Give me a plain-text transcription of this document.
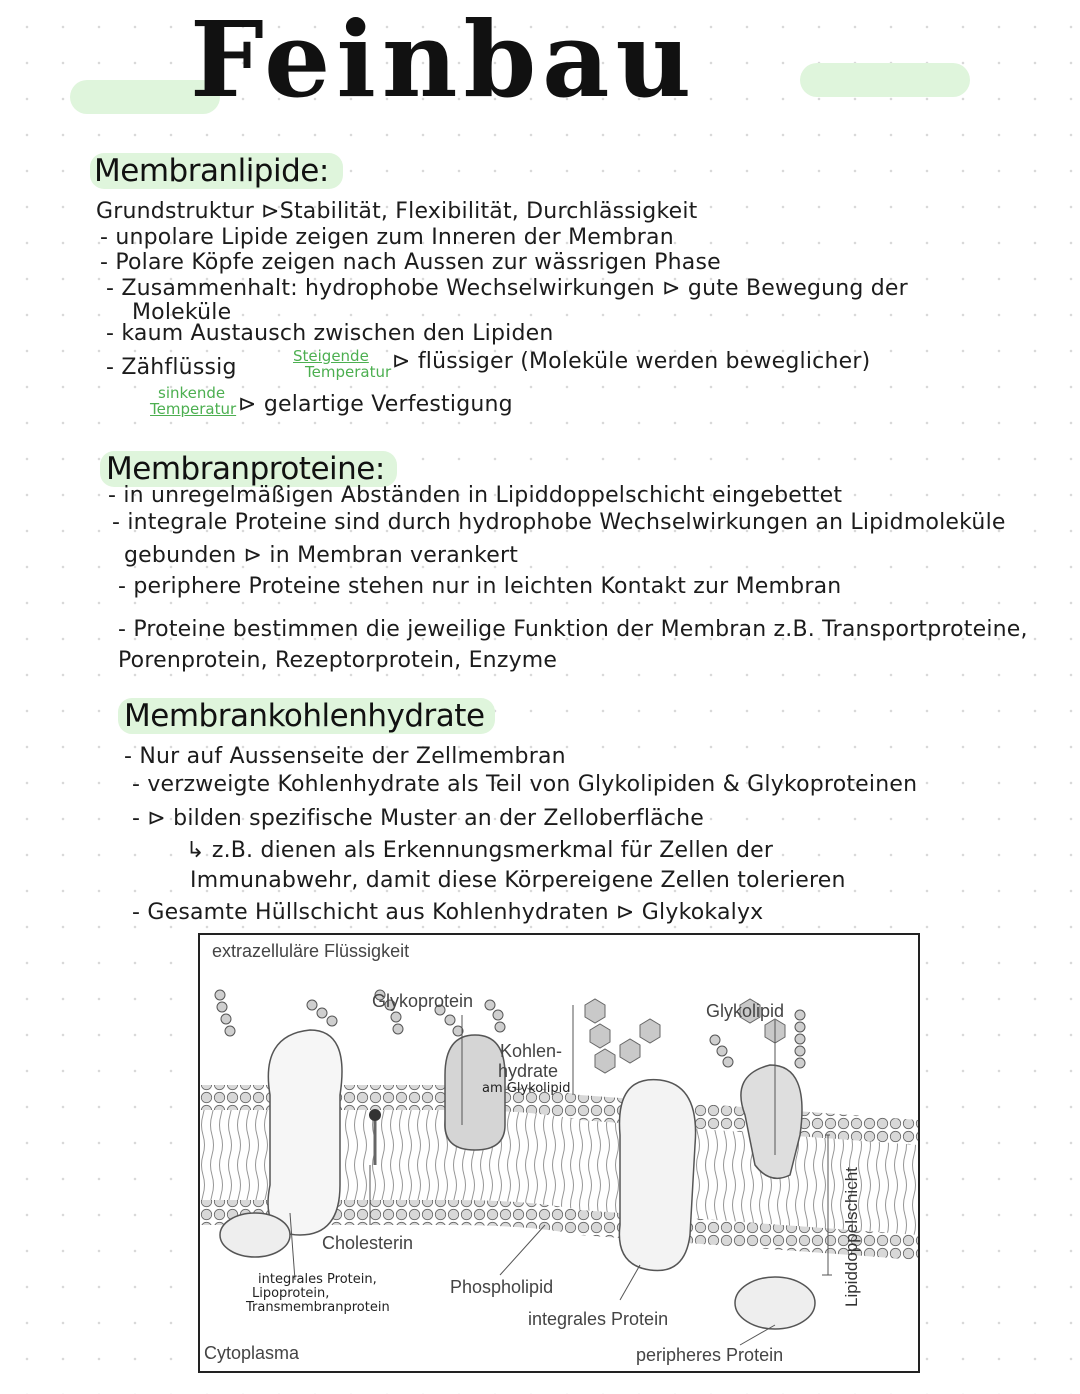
Feinbau
Membranlipide:
Grundstruktur ⊳Stabilität, Flexibilität, Durchlässigkeit
- unpolare Lipide zeigen zum Inneren der Membran
- Polare Köpfe zeigen nach Aussen zur wässrigen Phase
- Zusammenhalt: hydrophobe Wechselwirkungen ⊳ gute Bewegung der
Moleküle
- kaum Austausch zwischen den Lipiden
- Zähflüssig	Steigende
Temperatur ⊳ flüssiger (Moleküle werden beweglicher)
sinkende
Temperatur ⊳ gelartige Verfestigung
Membranproteine:
- in unregelmäßigen Abständen in Lipiddoppelschicht eingebettet
- integrale Proteine sind durch hydrophobe Wechselwirkungen an Lipidmoleküle
gebunden ⊳ in Membran verankert
- periphere Proteine stehen nur in leichten Kontakt zur Membran
- Proteine bestimmen die jeweilige Funktion der Membran z.B. Transportproteine,
Porenprotein, Rezeptorprotein, Enzyme
Membrankohlenhydrate
- Nur auf Aussenseite der Zellmembran
- verzweigte Kohlenhydrate als Teil von Glykolipiden & Glykoproteinen
- ⊳ bilden spezifische Muster an der Zelloberfläche
↳ z.B. dienen als Erkennungsmerkmal für Zellen der
Immunabwehr, damit diese Körpereigene Zellen tolerieren
- Gesamte Hüllschicht aus Kohlenhydraten ⊳ Glykokalyx
extrazelluläre Flüssigkeit
Glykoprotein	Glykolipid
Kohlen-
hydrate
am Glykolipid
Cholesterin
integrales Protein,
Lipoprotein,
Transmembranprotein
Phospholipid
integrales Protein
Cytoplasma	peripheres Protein
Lipiddoppelschicht
